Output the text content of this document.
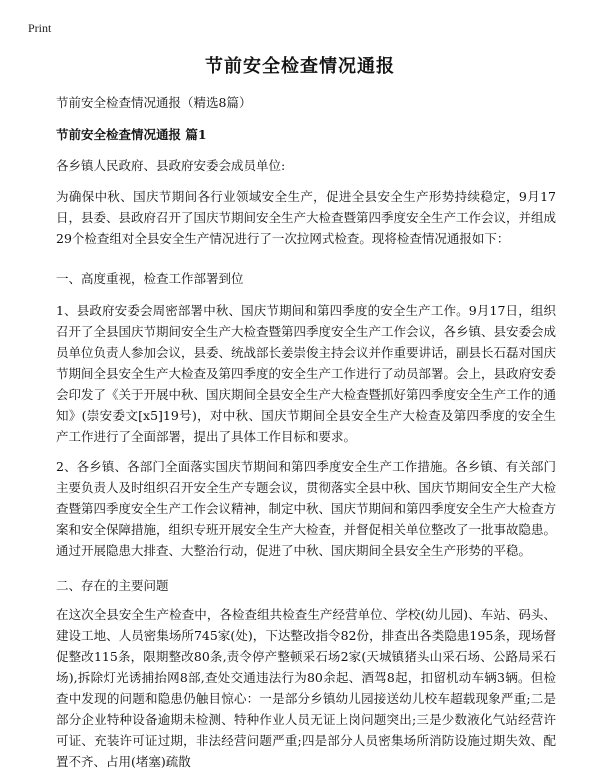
Print
节前安全检查情况通报

节前安全检查情况通报（精选8篇）

节前安全检查情况通报 篇1

各乡镇人民政府、县政府安委会成员单位:

为确保中秋、国庆节期间各行业领域安全生产，促进全县安全生产形势持续稳定，9月17日，县委、县政府召开了国庆节期间安全生产大检查暨第四季度安全生产工作会议，并组成29个检查组对全县安全生产情况进行了一次拉网式检查。现将检查情况通报如下：

一、高度重视，检查工作部署到位

1、县政府安委会周密部署中秋、国庆节期间和第四季度的安全生产工作。9月17日，组织召开了全县国庆节期间安全生产大检查暨第四季度安全生产工作会议，各乡镇、县安委会成员单位负责人参加会议，县委、统战部长姜崇俊主持会议并作重要讲话，副县长石磊对国庆节期间全县安全生产大检查及第四季度的安全生产工作进行了动员部署。会上，县政府安委会印发了《关于开展中秋、国庆期间全县安全生产大检查暨抓好第四季度安全生产工作的通知》(崇安委文[x5]19号)，对中秋、国庆节期间全县安全生产大检查及第四季度的安全生产工作进行了全面部署，提出了具体工作目标和要求。

2、各乡镇、各部门全面落实国庆节期间和第四季度安全生产工作措施。各乡镇、有关部门主要负责人及时组织召开安全生产专题会议，贯彻落实全县中秋、国庆节期间安全生产大检查暨第四季度安全生产工作会议精神，制定中秋、国庆节期间和第四季度安全生产大检查方案和安全保障措施，组织专班开展安全生产大检查，并督促相关单位整改了一批事故隐患。通过开展隐患大排查、大整治行动，促进了中秋、国庆期间全县安全生产形势的平稳。

二、存在的主要问题

在这次全县安全生产检查中，各检查组共检查生产经营单位、学校(幼儿园)、车站、码头、建设工地、人员密集场所745家(处)，下达整改指令82份，排查出各类隐患195条，现场督促整改115条，限期整改80条,责令停产整顿采石场2家(天城镇猪头山采石场、公路局采石场),拆除灯光诱捕抬网8部,查处交通违法行为80余起、酒驾8起，扣留机动车辆3辆。但检查中发现的问题和隐患仍触目惊心：一是部分乡镇幼儿园接送幼儿校车超载现象严重;二是部分企业特种设备逾期未检测、特种作业人员无证上岗问题突出;三是少数液化气站经营许可证、充装许可证过期，非法经营问题严重;四是部分人员密集场所消防设施过期失效、配置不齐、占用(堵塞)疏散
